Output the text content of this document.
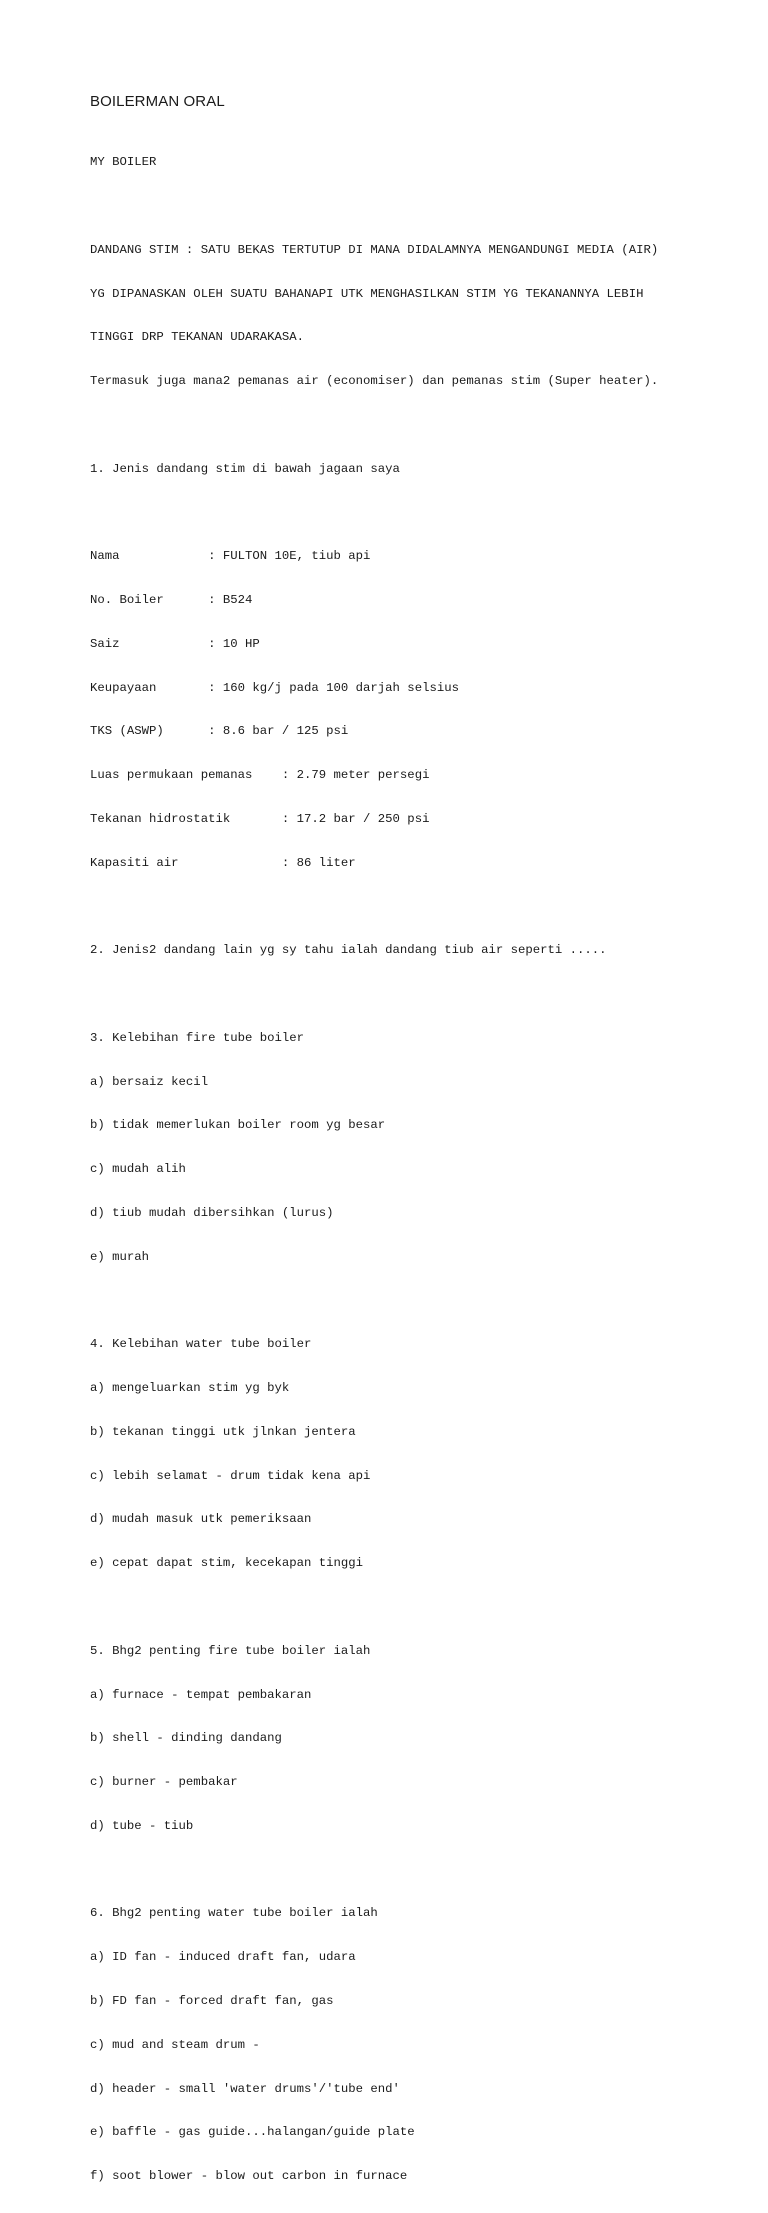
BOILERMAN ORAL

MY BOILER

DANDANG STIM : SATU BEKAS TERTUTUP DI MANA DIDALAMNYA MENGANDUNGI MEDIA (AIR)

YG DIPANASKAN OLEH SUATU BAHANAPI UTK MENGHASILKAN STIM YG TEKANANNYA LEBIH

TINGGI DRP TEKANAN UDARAKASA.

Termasuk juga mana2 pemanas air (economiser) dan pemanas stim (Super heater).

1. Jenis dandang stim di bawah jagaan saya

Nama            : FULTON 10E, tiub api

No. Boiler      : B524

Saiz            : 10 HP

Keupayaan       : 160 kg/j pada 100 darjah selsius

TKS (ASWP)      : 8.6 bar / 125 psi

Luas permukaan pemanas    : 2.79 meter persegi

Tekanan hidrostatik       : 17.2 bar / 250 psi

Kapasiti air              : 86 liter

2. Jenis2 dandang lain yg sy tahu ialah dandang tiub air seperti .....

3. Kelebihan fire tube boiler

a) bersaiz kecil

b) tidak memerlukan boiler room yg besar

c) mudah alih

d) tiub mudah dibersihkan (lurus)

e) murah

4. Kelebihan water tube boiler

a) mengeluarkan stim yg byk

b) tekanan tinggi utk jlnkan jentera

c) lebih selamat - drum tidak kena api

d) mudah masuk utk pemeriksaan

e) cepat dapat stim, kecekapan tinggi

5. Bhg2 penting fire tube boiler ialah

a) furnace - tempat pembakaran

b) shell - dinding dandang

c) burner - pembakar

d) tube - tiub

6. Bhg2 penting water tube boiler ialah

a) ID fan - induced draft fan, udara

b) FD fan - forced draft fan, gas

c) mud and steam drum -

d) header - small 'water drums'/'tube end'

e) baffle - gas guide...halangan/guide plate

f) soot blower - blow out carbon in furnace
